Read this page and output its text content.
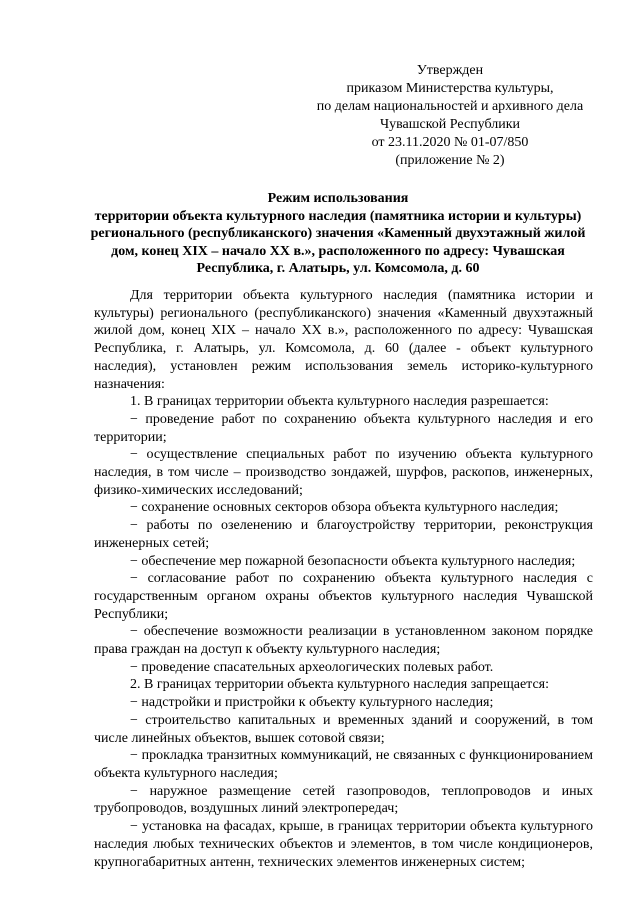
Утвержден
приказом Министерства культуры,
по делам национальностей и архивного дела
Чувашской Республики
от 23.11.2020 № 01-07/850
(приложение № 2)
Режим использования
территории объекта культурного наследия (памятника истории и культуры)
регионального (республиканского) значения «Каменный двухэтажный жилой
дом, конец XIX – начало XX в.», расположенного по адресу: Чувашская
Республика, г. Алатырь, ул. Комсомола, д. 60

Для территории объекта культурного наследия (памятника истории и культуры) регионального (республиканского) значения «Каменный двухэтажный жилой дом, конец XIX – начало XX в.», расположенного по адресу: Чувашская Республика, г. Алатырь, ул. Комсомола, д. 60 (далее - объект культурного наследия), установлен режим использования земель историко-культурного назначения:

1. В границах территории объекта культурного наследия разрешается:

− проведение работ по сохранению объекта культурного наследия и его территории;

− осуществление специальных работ по изучению объекта культурного наследия, в том числе – производство зондажей, шурфов, раскопов, инженерных, физико-химических исследований;

− сохранение основных секторов обзора объекта культурного наследия;

− работы по озеленению и благоустройству территории, реконструкция инженерных сетей;

− обеспечение мер пожарной безопасности объекта культурного наследия;

− согласование работ по сохранению объекта культурного наследия с государственным органом охраны объектов культурного наследия Чувашской Республики;

− обеспечение возможности реализации в установленном законом порядке права граждан на доступ к объекту культурного наследия;

− проведение спасательных археологических полевых работ.

2. В границах территории объекта культурного наследия запрещается:

− надстройки и пристройки к объекту культурного наследия;

− строительство капитальных и временных зданий и сооружений, в том числе линейных объектов, вышек сотовой связи;

− прокладка транзитных коммуникаций, не связанных с функционированием объекта культурного наследия;

− наружное размещение сетей газопроводов, теплопроводов и иных трубопроводов, воздушных линий электропередач;

− установка на фасадах, крыше, в границах территории объекта культурного наследия любых технических объектов и элементов, в том числе кондиционеров, крупногабаритных антенн, технических элементов инженерных систем;
